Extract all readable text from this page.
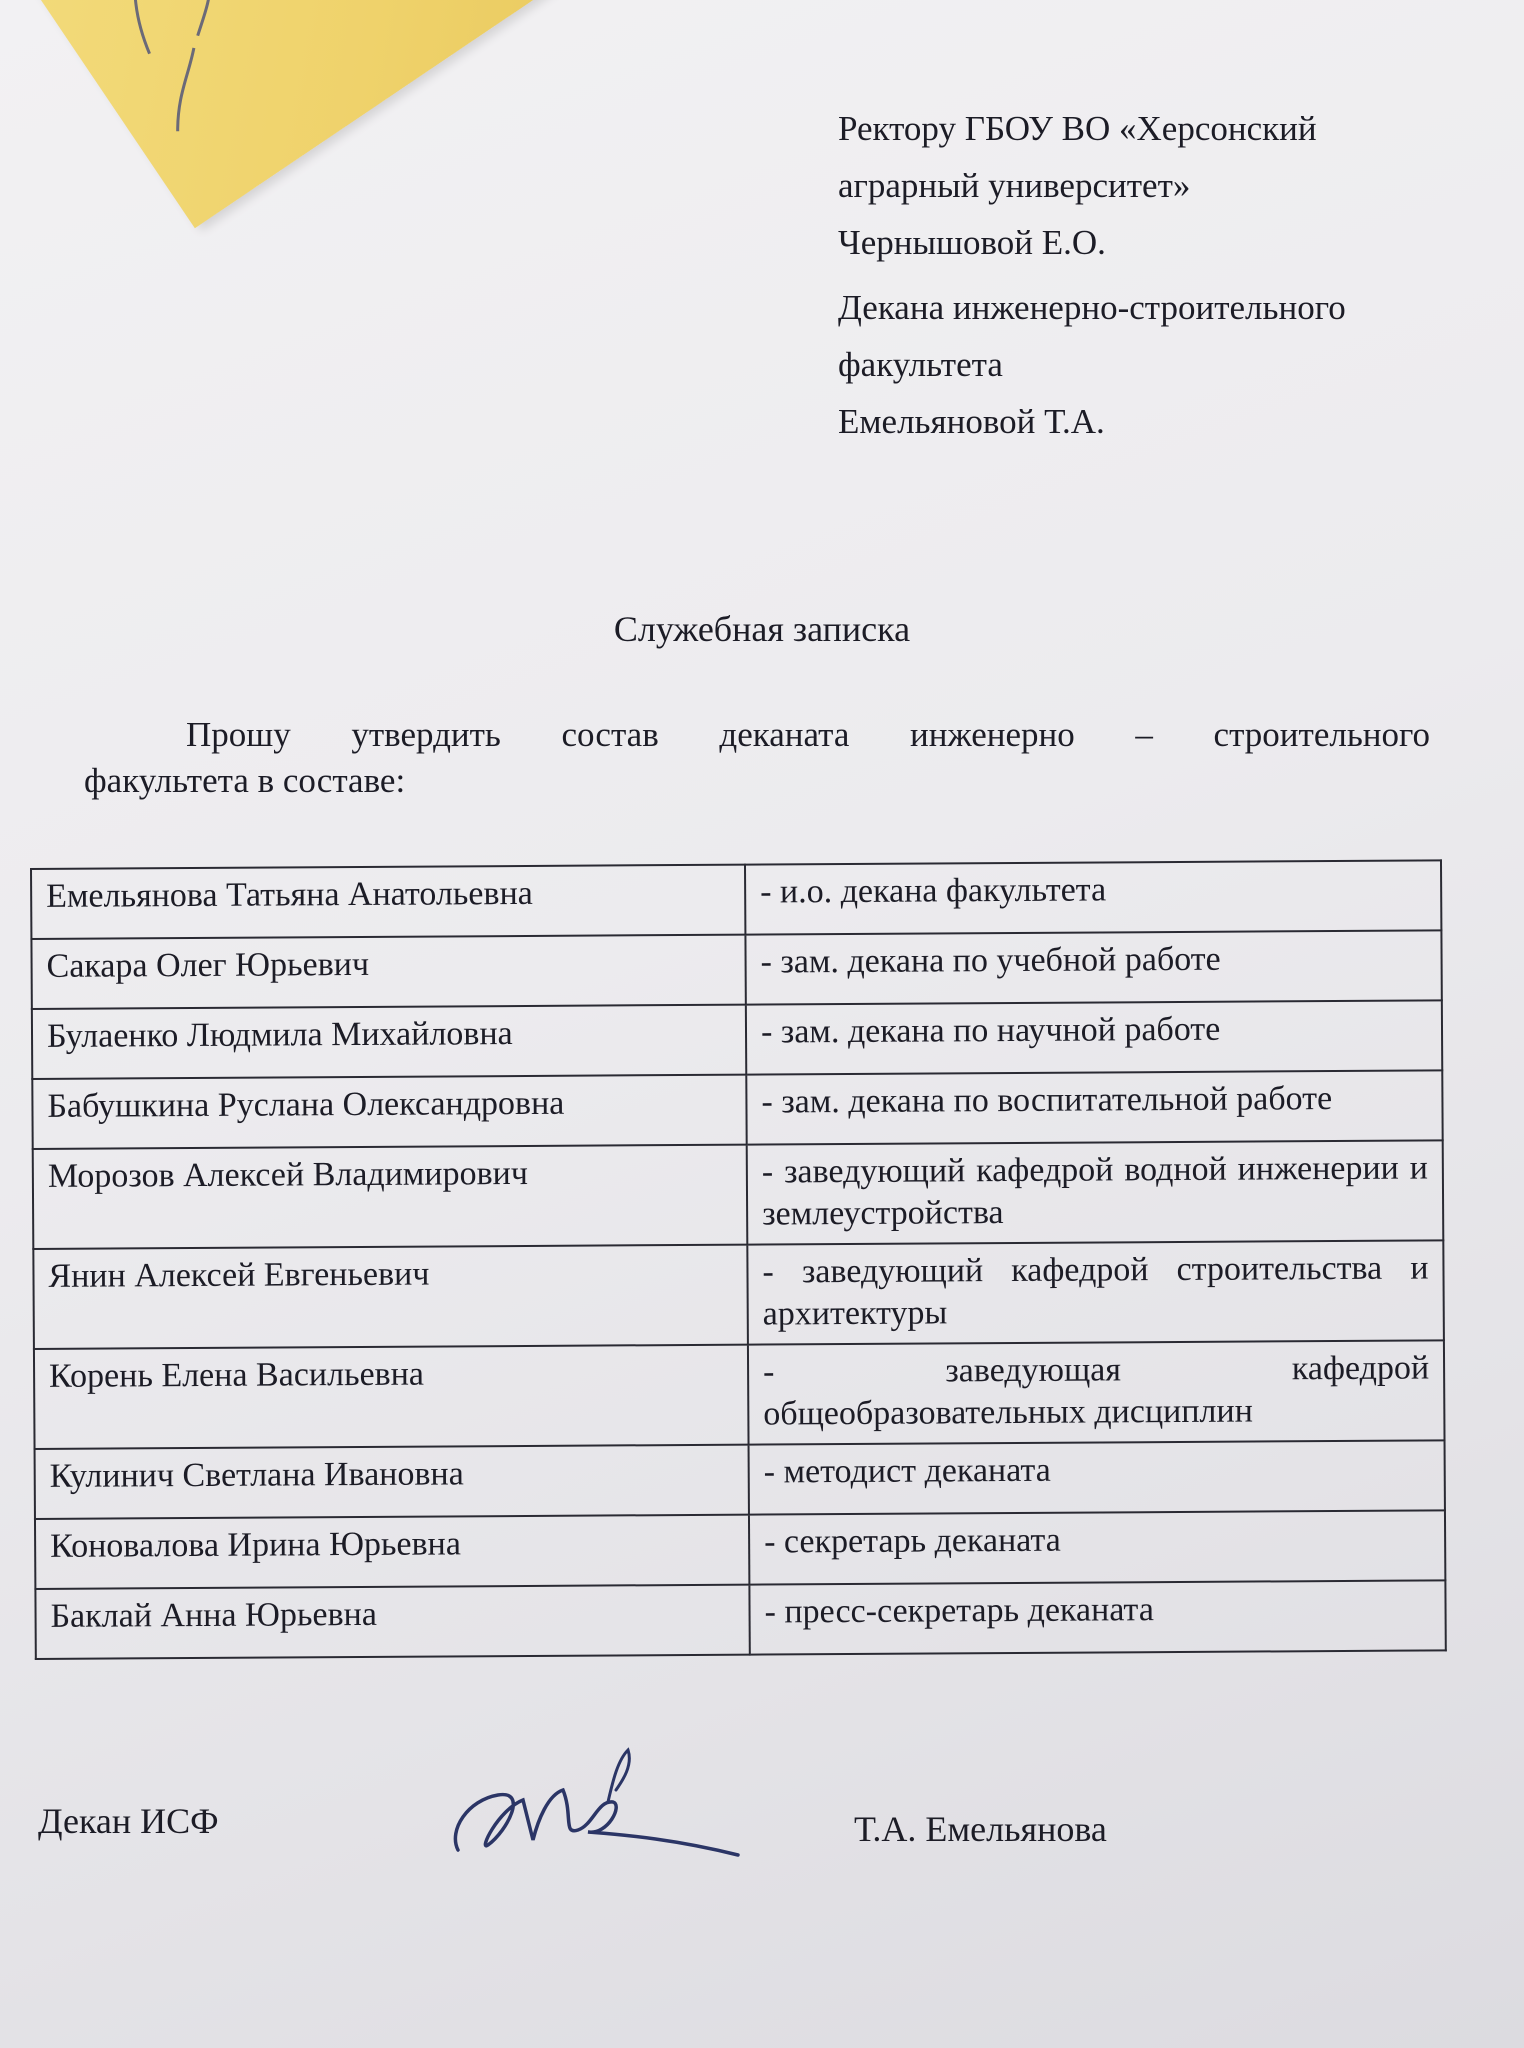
Ректору ГБОУ ВО «Херсонский

аграрный университет»

Чернышовой Е.О.

Декана инженерно-строительного

факультета

Емельяновой Т.А.

Служебная записка
Прошу утвердить состав деканата инженерно – строительного
факультета в составе:
Емельянова Татьяна Анатольевна	- и.о. декана факультета
Сакара Олег Юрьевич	- зам. декана по учебной работе
Булаенко Людмила Михайловна	- зам. декана по научной работе
Бабушкина Руслана Олександровна	- зам. декана по воспитательной работе
Морозов Алексей Владимирович	- заведующий кафедрой водной инженерии и землеустройства
Янин Алексей Евгеньевич	- заведующий кафедрой строительства и архитектуры
Корень Елена Васильевна	- заведующая кафедрой общеобразовательных дисциплин
Кулинич Светлана Ивановна	- методист деканата
Коновалова Ирина Юрьевна	- секретарь деканата
Баклай Анна Юрьевна	- пресс-секретарь деканата
Декан ИСФ	Т.А. Емельянова
